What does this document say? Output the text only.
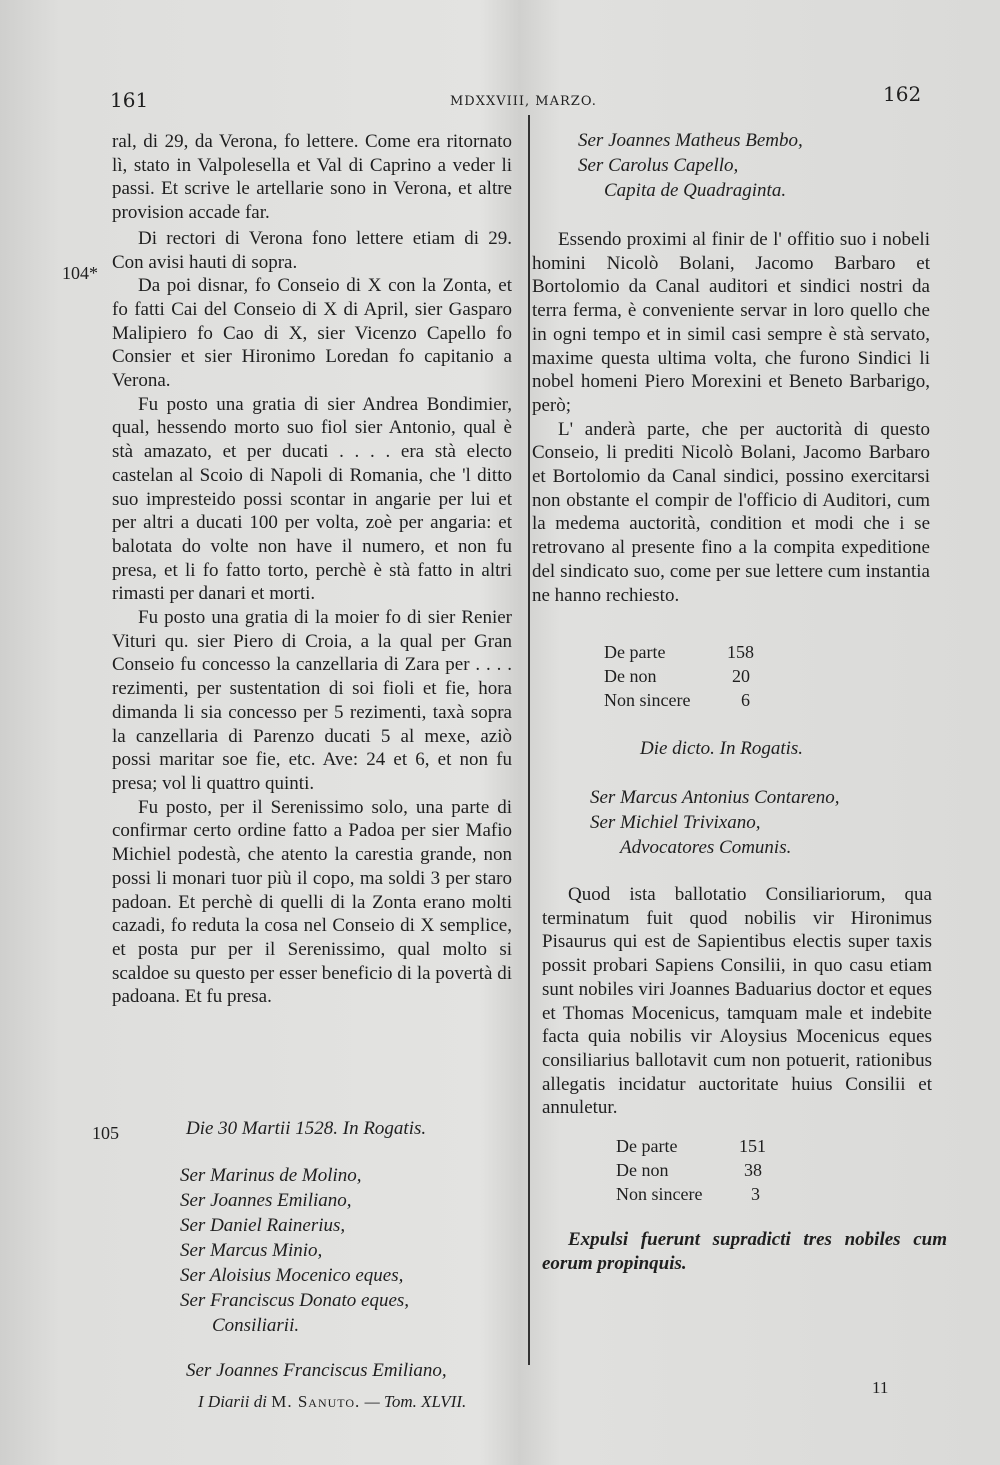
161	MDXXVIII, MARZO.	162

ral, di 29, da Verona, fo lettere. Come era ritornato lì, stato in Valpolesella et Val di Caprino a veder li passi. Et scrive le artellarie sono in Verona, et altre provision accade far.

Di rectori di Verona fono lettere etiam di 29. Con avisi hauti di sopra.

Da poi disnar, fo Conseio di X con la Zonta, et fo fatti Cai del Conseio di X di April, sier Gasparo Malipiero fo Cao di X, sier Vicenzo Capello fo Consier et sier Hironimo Loredan fo capitanio a Verona.

Fu posto una gratia di sier Andrea Bondimier, qual, hessendo morto suo fiol sier Antonio, qual è stà amazato, et per ducati . . . . era stà electo castelan al Scoio di Napoli di Romania, che 'l ditto suo impresteido possi scontar in angarie per lui et per altri a ducati 100 per volta, zoè per angaria: et balotata do volte non have il numero, et non fu presa, et li fo fatto torto, perchè è stà fatto in altri rimasti per danari et morti.

Fu posto una gratia di la moier fo di sier Renier Vituri qu. sier Piero di Croia, a la qual per Gran Conseio fu concesso la canzellaria di Zara per . . . . rezimenti, per sustentation di soi fioli et fie, hora dimanda li sia concesso per 5 rezimenti, taxà sopra la canzellaria di Parenzo ducati 5 al mexe, aziò possi maritar soe fie, etc. Ave: 24 et 6, et non fu presa; vol li quattro quinti.

Fu posto, per il Serenissimo solo, una parte di confirmar certo ordine fatto a Padoa per sier Mafio Michiel podestà, che atento la carestia grande, non possi li monari tuor più il copo, ma soldi 3 per staro padoan. Et perchè di quelli di la Zonta erano molti cazadi, fo reduta la cosa nel Conseio di X semplice, et posta pur per il Serenissimo, qual molto si scaldoe su questo per esser beneficio di la povertà di padoana. Et fu presa.

104*
105	Die 30 Martii 1528. In Rogatis.
Ser Marinus de Molino,
Ser Joannes Emiliano,
Ser Daniel Rainerius,
Ser Marcus Minio,
Ser Aloisius Mocenico eques,
Ser Franciscus Donato eques,
Consiliarii.
Ser Joannes Franciscus Emiliano,
I Diarii di M. Sanuto. — Tom. XLVII.
Ser Joannes Matheus Bembo,
Ser Carolus Capello,
Capita de Quadraginta.

Essendo proximi al finir de l' offitio suo i nobeli homini Nicolò Bolani, Jacomo Barbaro et Bortolomio da Canal auditori et sindici nostri da terra ferma, è conveniente servar in loro quello che in ogni tempo et in simil casi sempre è stà servato, maxime questa ultima volta, che furono Sindici li nobel homeni Piero Morexini et Beneto Barbarigo, però;

L' anderà parte, che per auctorità di questo Conseio, li prediti Nicolò Bolani, Jacomo Barbaro et Bortolomio da Canal sindici, possino exercitarsi non obstante el compir de l'officio di Auditori, cum la medema auctorità, condition et modi che i se retrovano al presente fino a la compita expeditione del sindicato suo, come per sue lettere cum instantia ne hanno rechiesto.

De parte	158
De non	20
Non sincere	6
Die dicto. In Rogatis.
Ser Marcus Antonius Contareno,
Ser Michiel Trivixano,
Advocatores Comunis.

Quod ista ballotatio Consiliariorum, qua terminatum fuit quod nobilis vir Hironimus Pisaurus qui est de Sapientibus electis super taxis possit probari Sapiens Consilii, in quo casu etiam sunt nobiles viri Joannes Baduarius doctor et eques et Thomas Mocenicus, tamquam male et indebite facta quia nobilis vir Aloysius Mocenicus eques consiliarius ballotavit cum non potuerit, rationibus allegatis incidatur auctoritate huius Consilii et annuletur.

De parte	151
De non	38
Non sincere	3

Expulsi fuerunt supradicti tres nobiles cum eorum propinquis.

11
